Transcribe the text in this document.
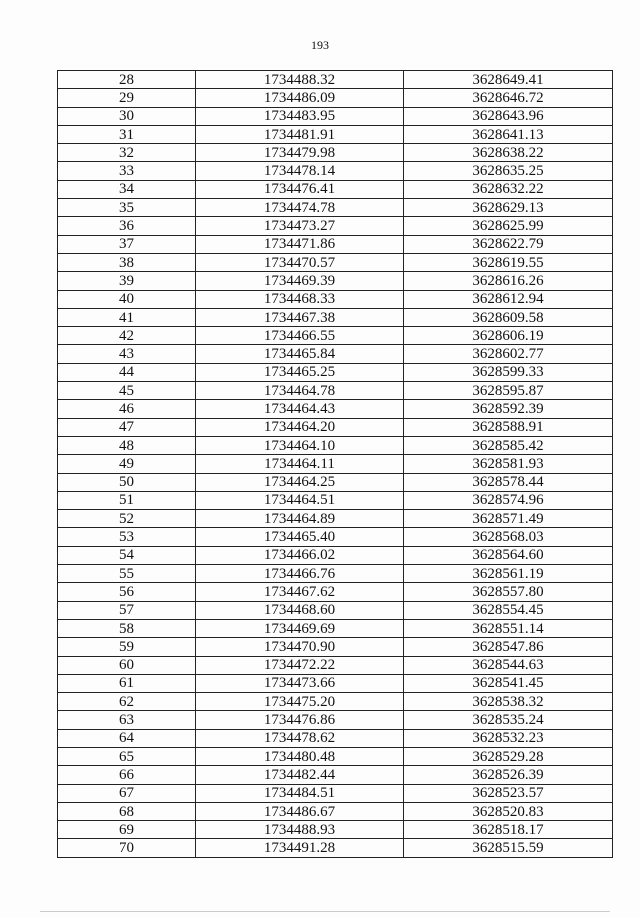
193
28	1734488.32	3628649.41
29	1734486.09	3628646.72
30	1734483.95	3628643.96
31	1734481.91	3628641.13
32	1734479.98	3628638.22
33	1734478.14	3628635.25
34	1734476.41	3628632.22
35	1734474.78	3628629.13
36	1734473.27	3628625.99
37	1734471.86	3628622.79
38	1734470.57	3628619.55
39	1734469.39	3628616.26
40	1734468.33	3628612.94
41	1734467.38	3628609.58
42	1734466.55	3628606.19
43	1734465.84	3628602.77
44	1734465.25	3628599.33
45	1734464.78	3628595.87
46	1734464.43	3628592.39
47	1734464.20	3628588.91
48	1734464.10	3628585.42
49	1734464.11	3628581.93
50	1734464.25	3628578.44
51	1734464.51	3628574.96
52	1734464.89	3628571.49
53	1734465.40	3628568.03
54	1734466.02	3628564.60
55	1734466.76	3628561.19
56	1734467.62	3628557.80
57	1734468.60	3628554.45
58	1734469.69	3628551.14
59	1734470.90	3628547.86
60	1734472.22	3628544.63
61	1734473.66	3628541.45
62	1734475.20	3628538.32
63	1734476.86	3628535.24
64	1734478.62	3628532.23
65	1734480.48	3628529.28
66	1734482.44	3628526.39
67	1734484.51	3628523.57
68	1734486.67	3628520.83
69	1734488.93	3628518.17
70	1734491.28	3628515.59
